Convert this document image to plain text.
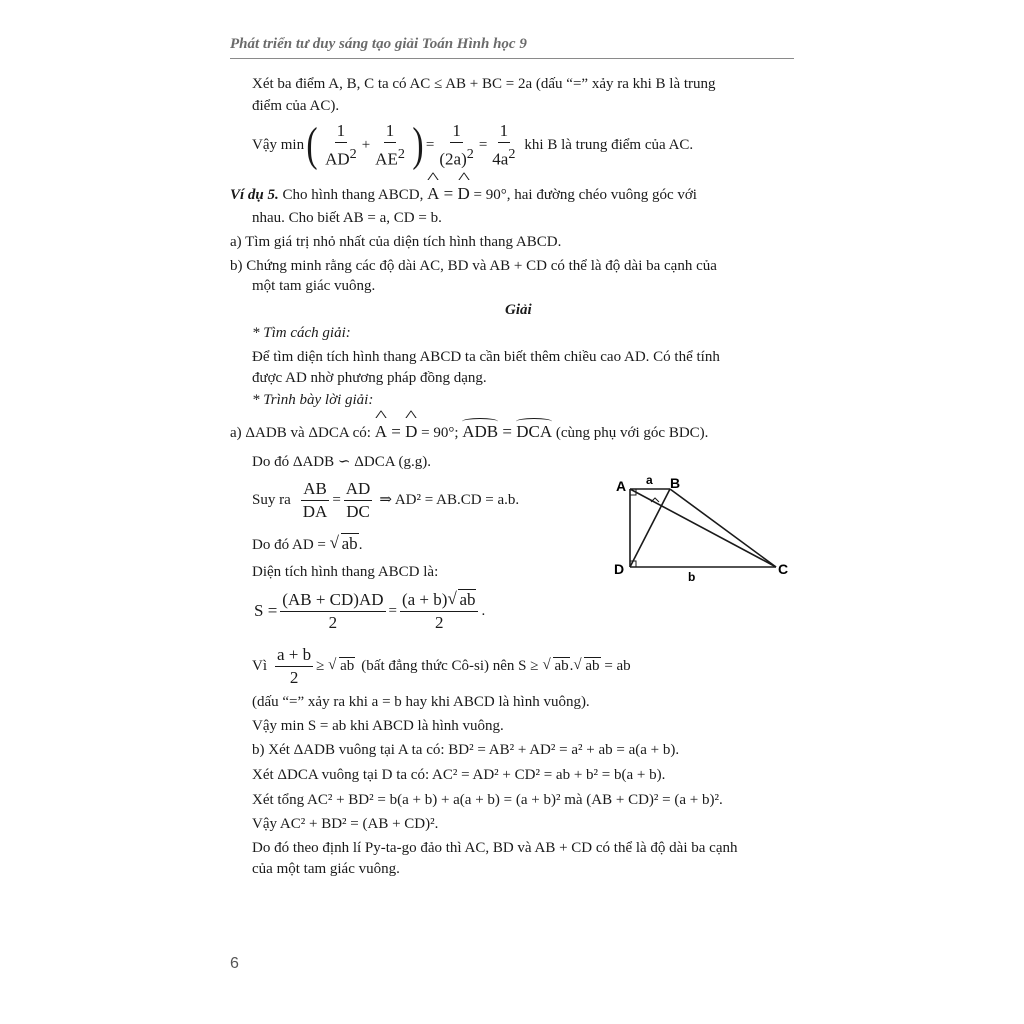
Phát triển tư duy sáng tạo giải Toán Hình học 9
Xét ba điểm A, B, C ta có AC ≤ AB + BC = 2a (dấu “=” xảy ra khi B là trung
điểm của AC).
Vậy min ( $\frac{1}{AD^2} + \frac{1}{AE^2}$ ) = $\frac{1}{(2a)^2} = \frac{1}{4a^2}$ khi B là trung điểm của AC.
Ví dụ 5. Cho hình thang ABCD, ^ A = ^ D = 90°, hai đường chéo vuông góc với
nhau. Cho biết AB = a, CD = b.
a) Tìm giá trị nhỏ nhất của diện tích hình thang ABCD.
b) Chứng minh rằng các độ dài AC, BD và AB + CD có thể là độ dài ba cạnh của
một tam giác vuông.
Giải
* Tìm cách giải:
Để tìm diện tích hình thang ABCD ta cần biết thêm chiều cao AD. Có thể tính
được AD nhờ phương pháp đồng dạng.
* Trình bày lời giải:
a) ΔADB và ΔDCA có: ^ A = ^ D = 90°; ADB = DCA (cùng phụ với góc BDC).
Do đó ΔADB ∽ ΔDCA (g.g).
Suy ra $\frac{AB}{DA} = \frac{AD}{DC}$ ⇒ AD² = AB.CD = a.b.
Do đó AD = √ ab.
Diện tích hình thang ABCD là:
$S = \frac{(AB + CD)AD}{2} = \frac{(a + b) √ ab}{2}$ .
Vì $\frac{a + b}{2}$ ≥ √ ab (bất đẳng thức Cô-si) nên S ≥	√ ab. √ ab = ab
(dấu “=” xảy ra khi a = b hay khi ABCD là hình vuông).
Vậy min S = ab khi ABCD là hình vuông.
b) Xét ΔADB vuông tại A ta có: BD² = AB² + AD² = a² + ab = a(a + b).
Xét ΔDCA vuông tại D ta có: AC² = AD² + CD² = ab + b² = b(a + b).
Xét tổng AC² + BD² = b(a + b) + a(a + b) = (a + b)² mà (AB + CD)² = (a + b)².
Vậy AC² + BD² = (AB + CD)².
Do đó theo định lí Py-ta-go đảo thì AC, BD và AB + CD có thể là độ dài ba cạnh
của một tam giác vuông.
A a B
D	C
b
6
